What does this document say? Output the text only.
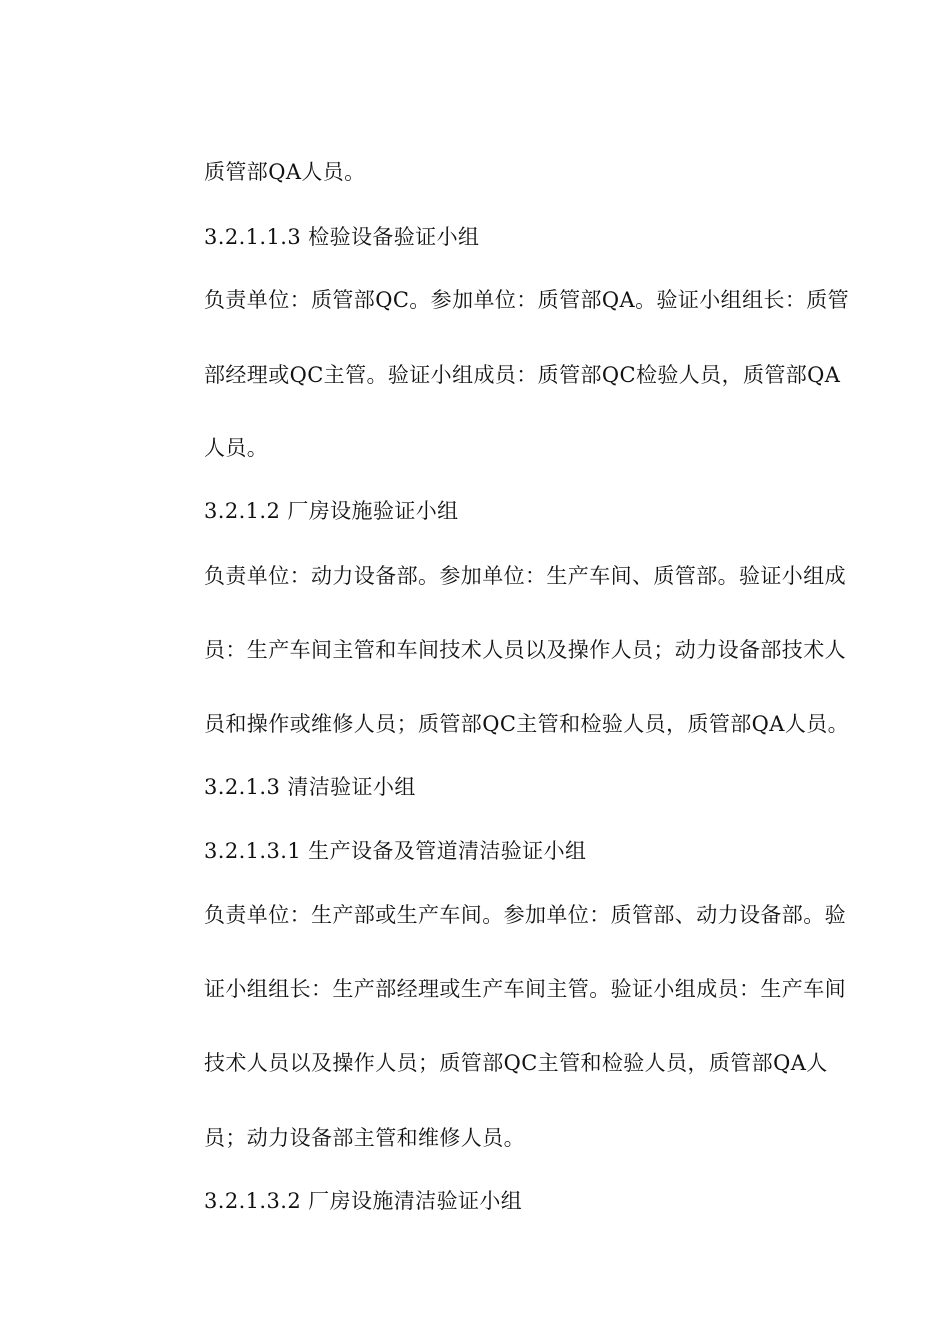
质管部QA人员。
3.2.1.1.3 检验设备验证小组
负责单位：质管部QC。参加单位：质管部QA。验证小组组长：质管
部经理或QC主管。验证小组成员：质管部QC检验人员，质管部QA
人员。
3.2.1.2 厂房设施验证小组
负责单位：动力设备部。参加单位：生产车间、质管部。验证小组成
员：生产车间主管和车间技术人员以及操作人员；动力设备部技术人
员和操作或维修人员；质管部QC主管和检验人员，质管部QA人员。
3.2.1.3 清洁验证小组
3.2.1.3.1 生产设备及管道清洁验证小组
负责单位：生产部或生产车间。参加单位：质管部、动力设备部。验
证小组组长：生产部经理或生产车间主管。验证小组成员：生产车间
技术人员以及操作人员；质管部QC主管和检验人员，质管部QA人
员；动力设备部主管和维修人员。
3.2.1.3.2 厂房设施清洁验证小组
